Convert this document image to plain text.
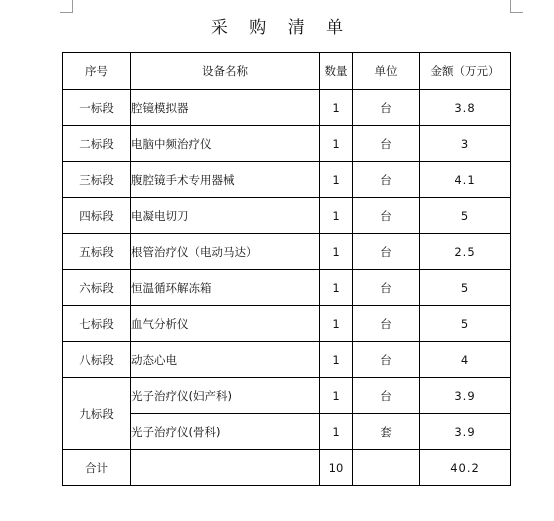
采 购 清 单
序号	设备名称	数量	单位	金额（万元）
一标段	腔镜模拟器	1	台	3.8
二标段	电脑中频治疗仪	1	台	3
三标段	腹腔镜手术专用器械	1	台	4.1
四标段	电凝电切刀	1	台	5
五标段	根管治疗仪（电动马达）	1	台	2.5
六标段	恒温循环解冻箱	1	台	5
七标段	血气分析仪	1	台	5
八标段	动态心电	1	台	4
九标段	光子治疗仪(妇产科)	1	台	3.9
	光子治疗仪(骨科)	1	套	3.9
合计		10		40.2
